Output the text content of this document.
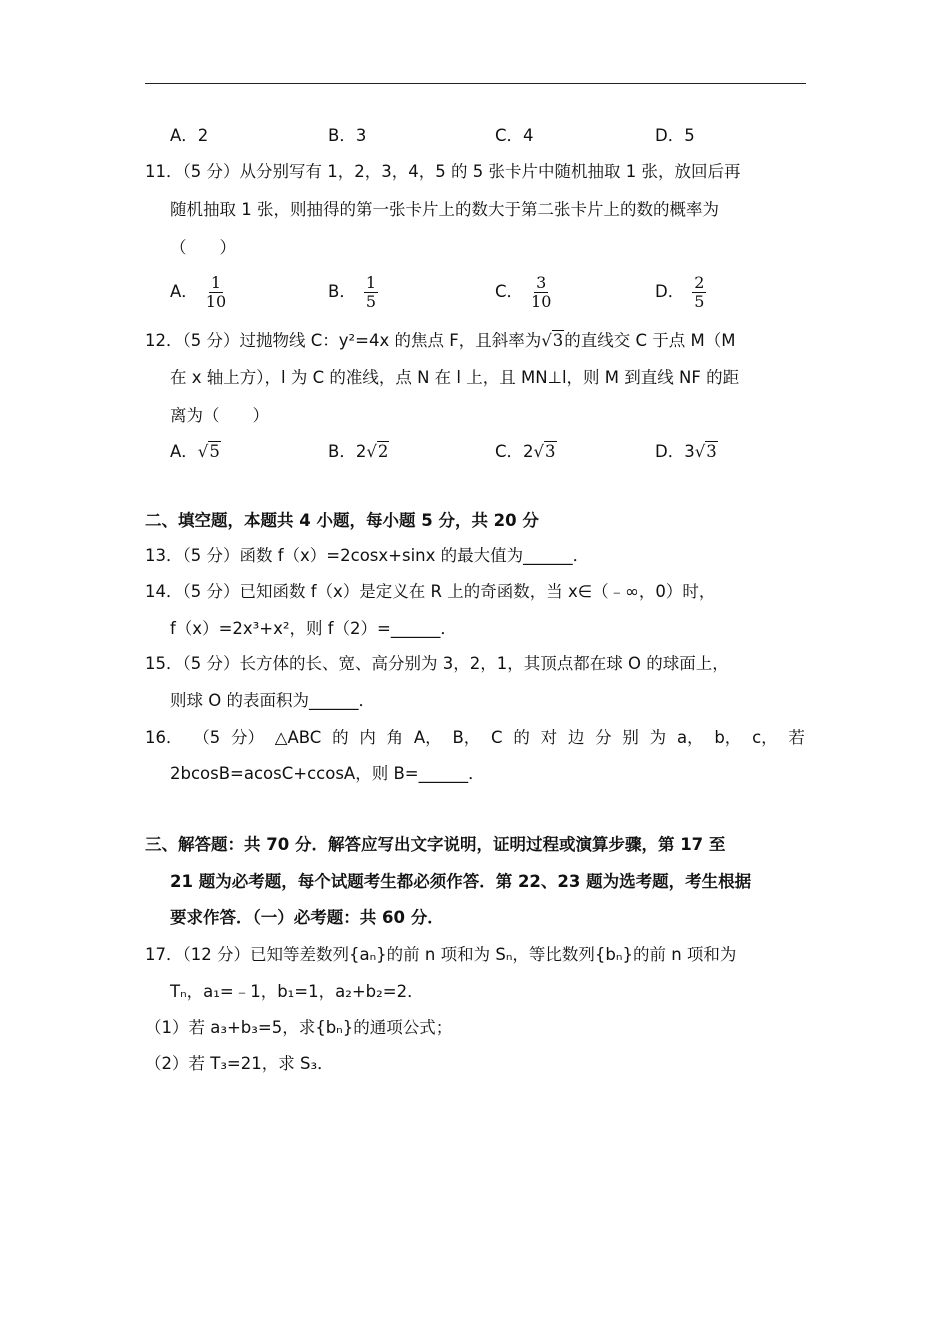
A．2	B．3	C．4	D．5
11．（5 分）从分别写有 1，2，3，4，5 的 5 张卡片中随机抽取 1 张，放回后再
随机抽取 1 张，则抽得的第一张卡片上的数大于第二张卡片上的数的概率为
（　　）
A． $\frac{1}{10}$	B． $\frac{1}{5}$	C． $\frac{3}{10}$	D． $\frac{2}{5}$
12．（5 分）过抛物线 C：y²=4x 的焦点 F，且斜率为√3的直线交 C 于点 M（M
在 x 轴上方），l 为 C 的准线，点 N 在 l 上，且 MN⊥l，则 M 到直线 NF 的距
离为（　　）
A．√5	B．2√2	C．2√3	D．3√3
二、填空题，本题共 4 小题，每小题 5 分，共 20 分
13．（5 分）函数 f（x）=2cosx+sinx 的最大值为______．
14．（5 分）已知函数 f（x）是定义在 R 上的奇函数，当 x∈（﹣∞，0）时，
f（x）=2x³+x²，则 f（2）=______．
15．（5 分）长方体的长、宽、高分别为 3，2，1，其顶点都在球 O 的球面上，
则球 O 的表面积为______．
16． （5 分） △ABC 的 内 角 A， B， C 的 对 边 分 别 为 a， b， c， 若
2bcosB=acosC+ccosA，则 B=______．
三、解答题：共 70 分．解答应写出文字说明，证明过程或演算步骤，第 17 至
21 题为必考题，每个试题考生都必须作答．第 22、23 题为选考题，考生根据
要求作答．（一）必考题：共 60 分．
17．（12 分）已知等差数列{aₙ}的前 n 项和为 Sₙ，等比数列{bₙ}的前 n 项和为
Tₙ，a₁=﹣1，b₁=1，a₂+b₂=2．
（1）若 a₃+b₃=5，求{bₙ}的通项公式；
（2）若 T₃=21，求 S₃．
